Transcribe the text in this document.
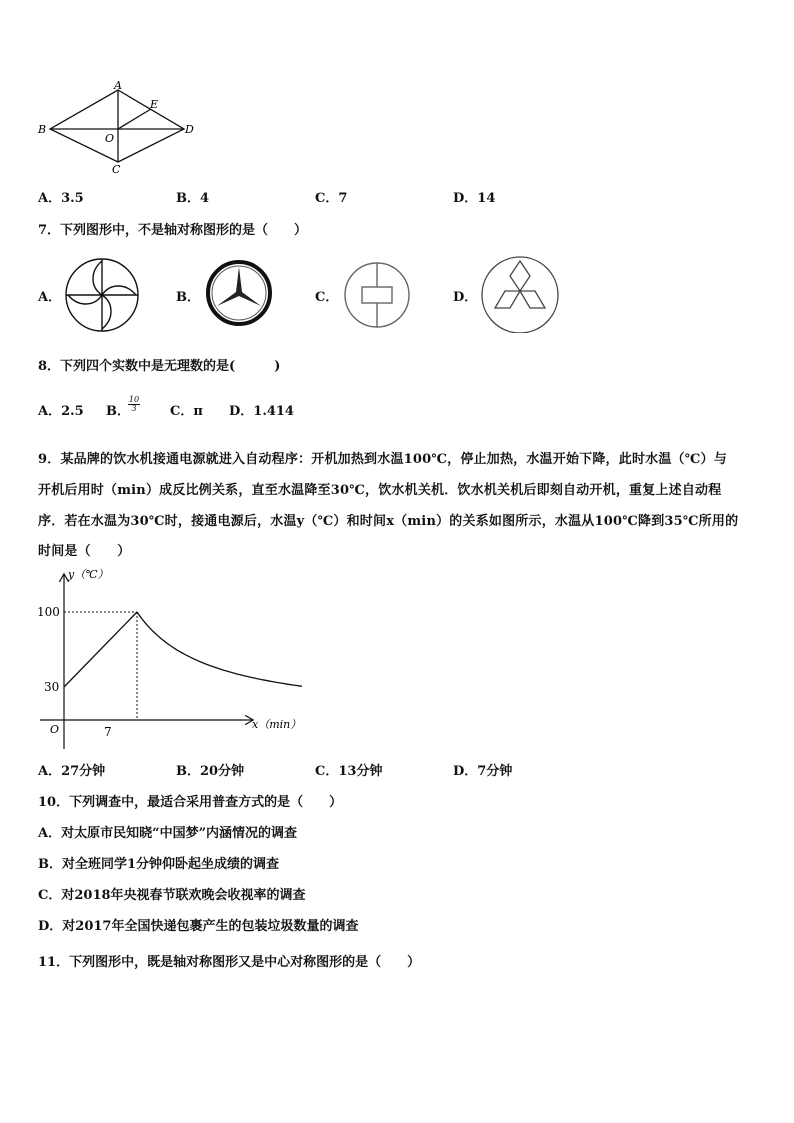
A
B
C
D
E
O
A．3.5	B．4	C．7	D．14
7．下列图形中，不是轴对称图形的是（　　）
A．	B．	C．	D．
8．下列四个实数中是无理数的是(　　　)
A．2.5 B．
$\frac{10}{3}$ C．π D．1.414
9．某品牌的饮水机接通电源就进入自动程序：开机加热到水温100℃，停止加热，水温开始下降，此时水温（℃）与
开机后用时（min）成反比例关系，直至水温降至30℃，饮水机关机．饮水机关机后即刻自动开机，重复上述自动程
序．若在水温为30℃时，接通电源后，水温y（℃）和时间x（min）的关系如图所示，水温从100℃降到35℃所用的
时间是（　　）
y（℃）
x（min）
O
100
30
7
A．27分钟	B．20分钟	C．13分钟	D．7分钟
10．下列调查中，最适合采用普查方式的是（　　）
A．对太原市民知晓“中国梦”内涵情况的调查
B．对全班同学1分钟仰卧起坐成绩的调查
C．对2018年央视春节联欢晚会收视率的调查
D．对2017年全国快递包裹产生的包装垃圾数量的调查
11．下列图形中，既是轴对称图形又是中心对称图形的是（　　）
